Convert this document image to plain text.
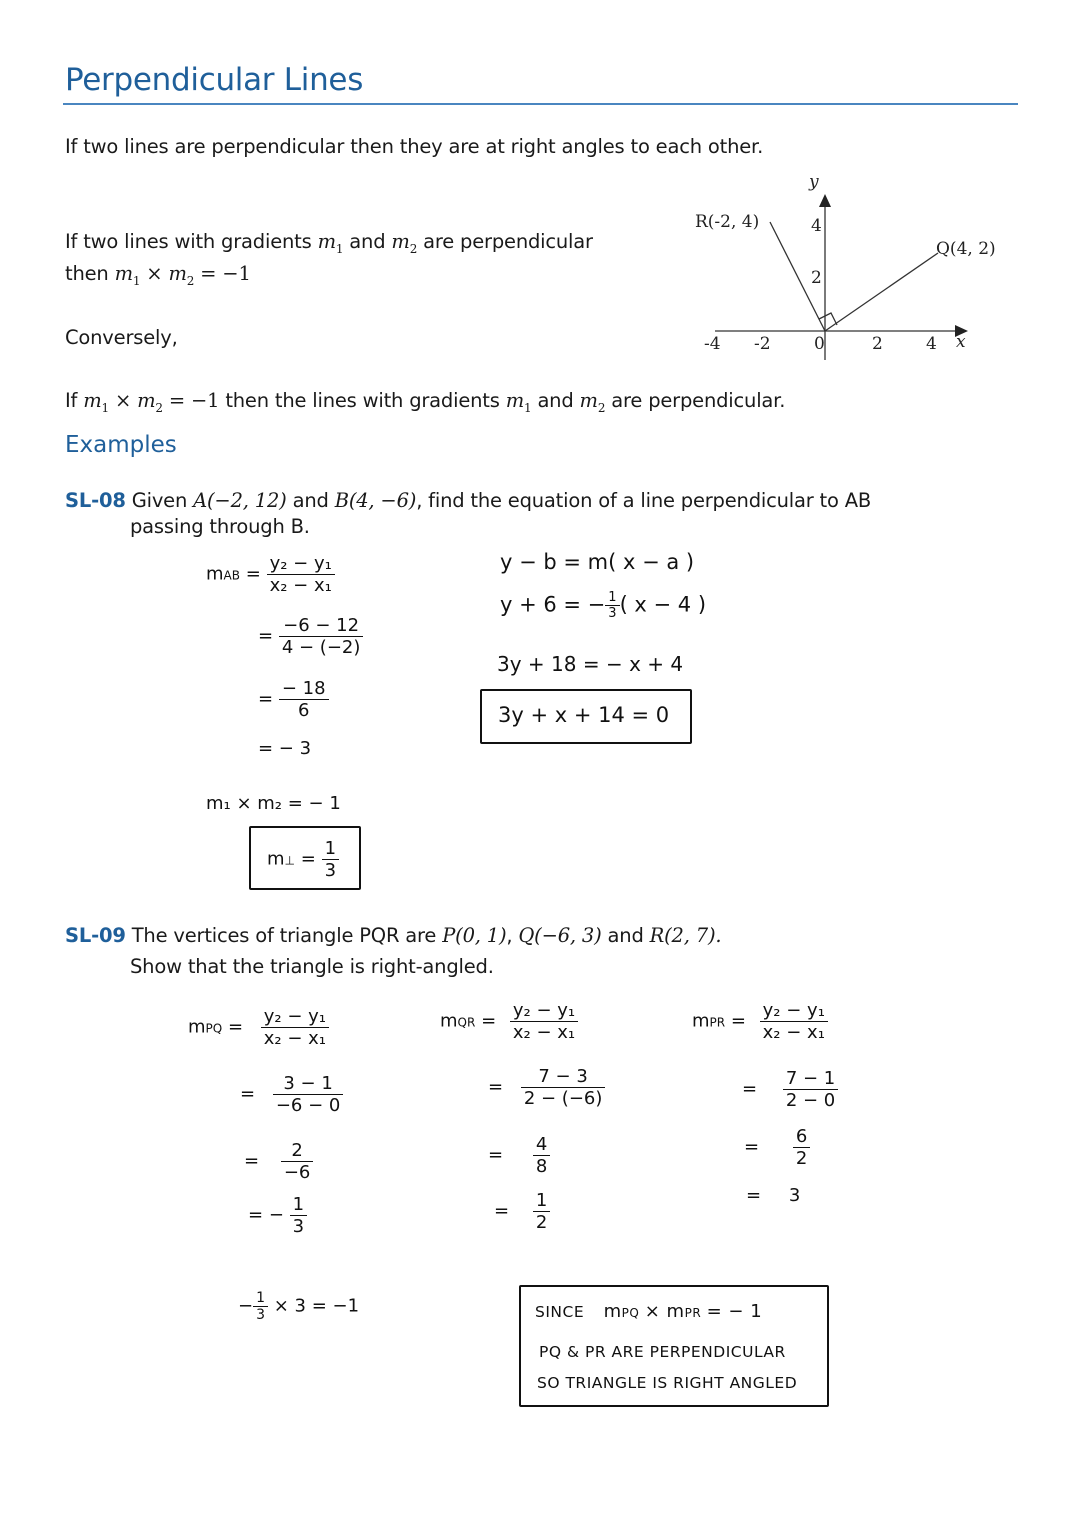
Perpendicular Lines
If two lines are perpendicular then they are at right angles to each other.
If two lines with gradients $m_1$ and $m_2$ are perpendicular
then $m_1 \times m_2 = -1$
Conversely,
If $m_1 \times m_2 = -1$ then the lines with gradients $m_1$ and $m_2$ are perpendicular.
y
x
R(-2, 4)
Q(4, 2)
-4 -2	0	2	4
2
4
Examples
SL-08 Given A(−2, 12) and B(4, −6), find the equation of a line perpendicular to AB
passing through B.
mAB = $\frac{\text{y₂ − y₁}}{\text{x₂ − x₁}}$
= $\frac{-6 - 12}{4 - (-2)}$
= $\frac{- 18}{6}$
= − 3
m₁ × m₂ = − 1
m⊥ = $\frac{1}{3}$
y − b = m( x − a )
y + 6 = − $\frac{1}{3}$ ( x − 4 )
3y + 18 = − x + 4
3y + x + 14 = 0
SL-09 The vertices of triangle PQR are P(0, 1), Q(−6, 3) and R(2, 7).
Show that the triangle is right-angled.
mPQ = $\frac{\text{y₂ − y₁}}{\text{x₂ − x₁}}$
= $\frac{3 - 1}{-6 - 0}$
= $\frac{2}{-6}$
= − $\frac{1}{3}$
mQR = $\frac{\text{y₂ − y₁}}{\text{x₂ − x₁}}$
= $\frac{7 - 3}{2 - (-6)}$
= $\frac{4}{8}$
= $\frac{1}{2}$
mPR = $\frac{\text{y₂ − y₁}}{\text{x₂ − x₁}}$
= $\frac{7 - 1}{2 - 0}$
= $\frac{6}{2}$
= 3
− $\frac{1}{3} \times 3 = -1$	SINCE mPQ × mPR = − 1
PQ & PR ARE PERPENDICULAR
SO TRIANGLE IS RIGHT ANGLED
